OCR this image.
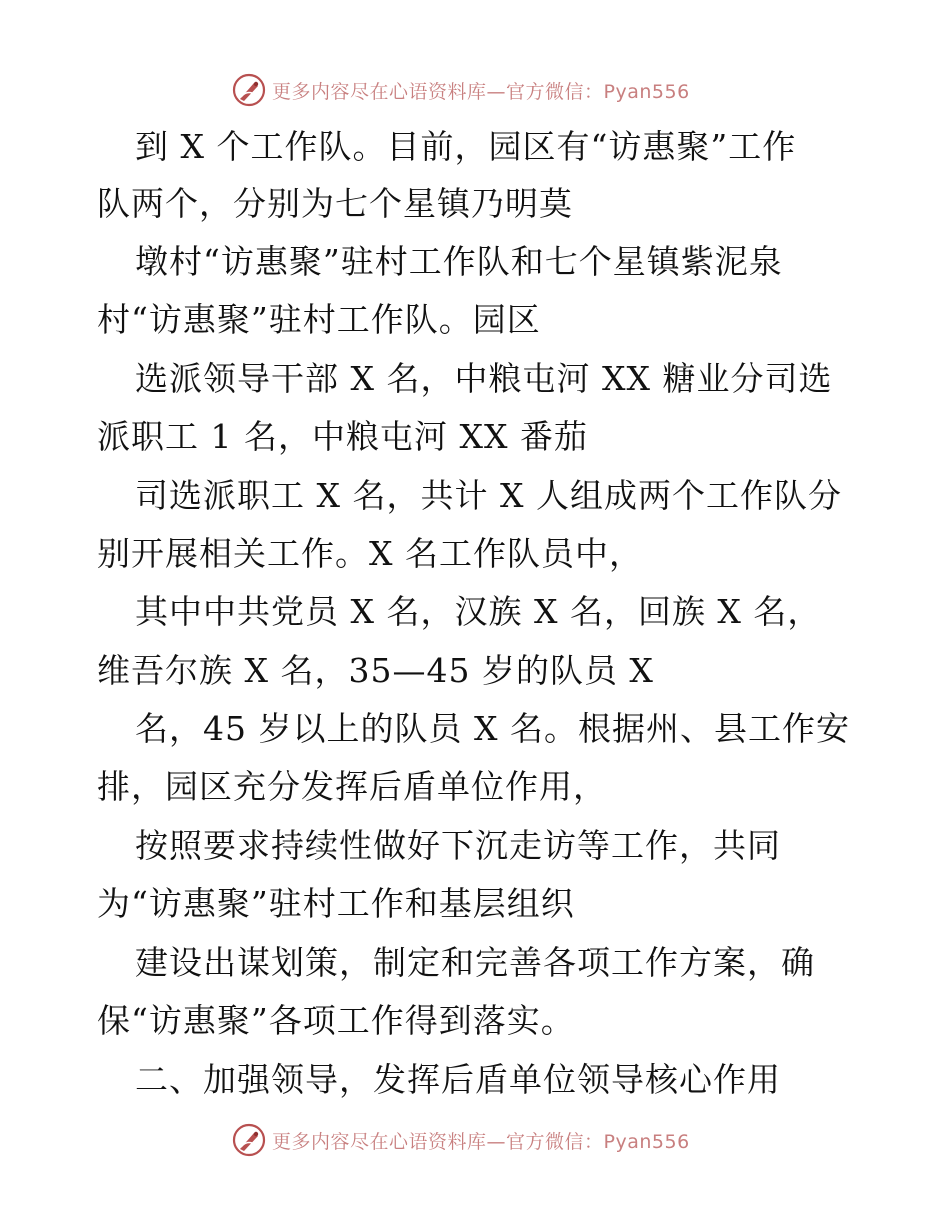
更多内容尽在心语资料库—官方微信：Pyan556
到 X 个工作队。目前，园区有“访惠聚”工作
队两个，分别为七个星镇乃明莫
墩村“访惠聚”驻村工作队和七个星镇紫泥泉
村“访惠聚”驻村工作队。园区
选派领导干部 X 名，中粮屯河 XX 糖业分司选
派职工 1 名，中粮屯河 XX 番茄
司选派职工 X 名，共计 X 人组成两个工作队分
别开展相关工作。X 名工作队员中，
其中中共党员 X 名，汉族 X 名，回族 X 名，
维吾尔族 X 名，35—45 岁的队员 X
名，45 岁以上的队员 X 名。根据州、县工作安
排，园区充分发挥后盾单位作用，
按照要求持续性做好下沉走访等工作，共同
为“访惠聚”驻村工作和基层组织
建设出谋划策，制定和完善各项工作方案，确
保“访惠聚”各项工作得到落实。
二、加强领导，发挥后盾单位领导核心作用
更多内容尽在心语资料库—官方微信：Pyan556
